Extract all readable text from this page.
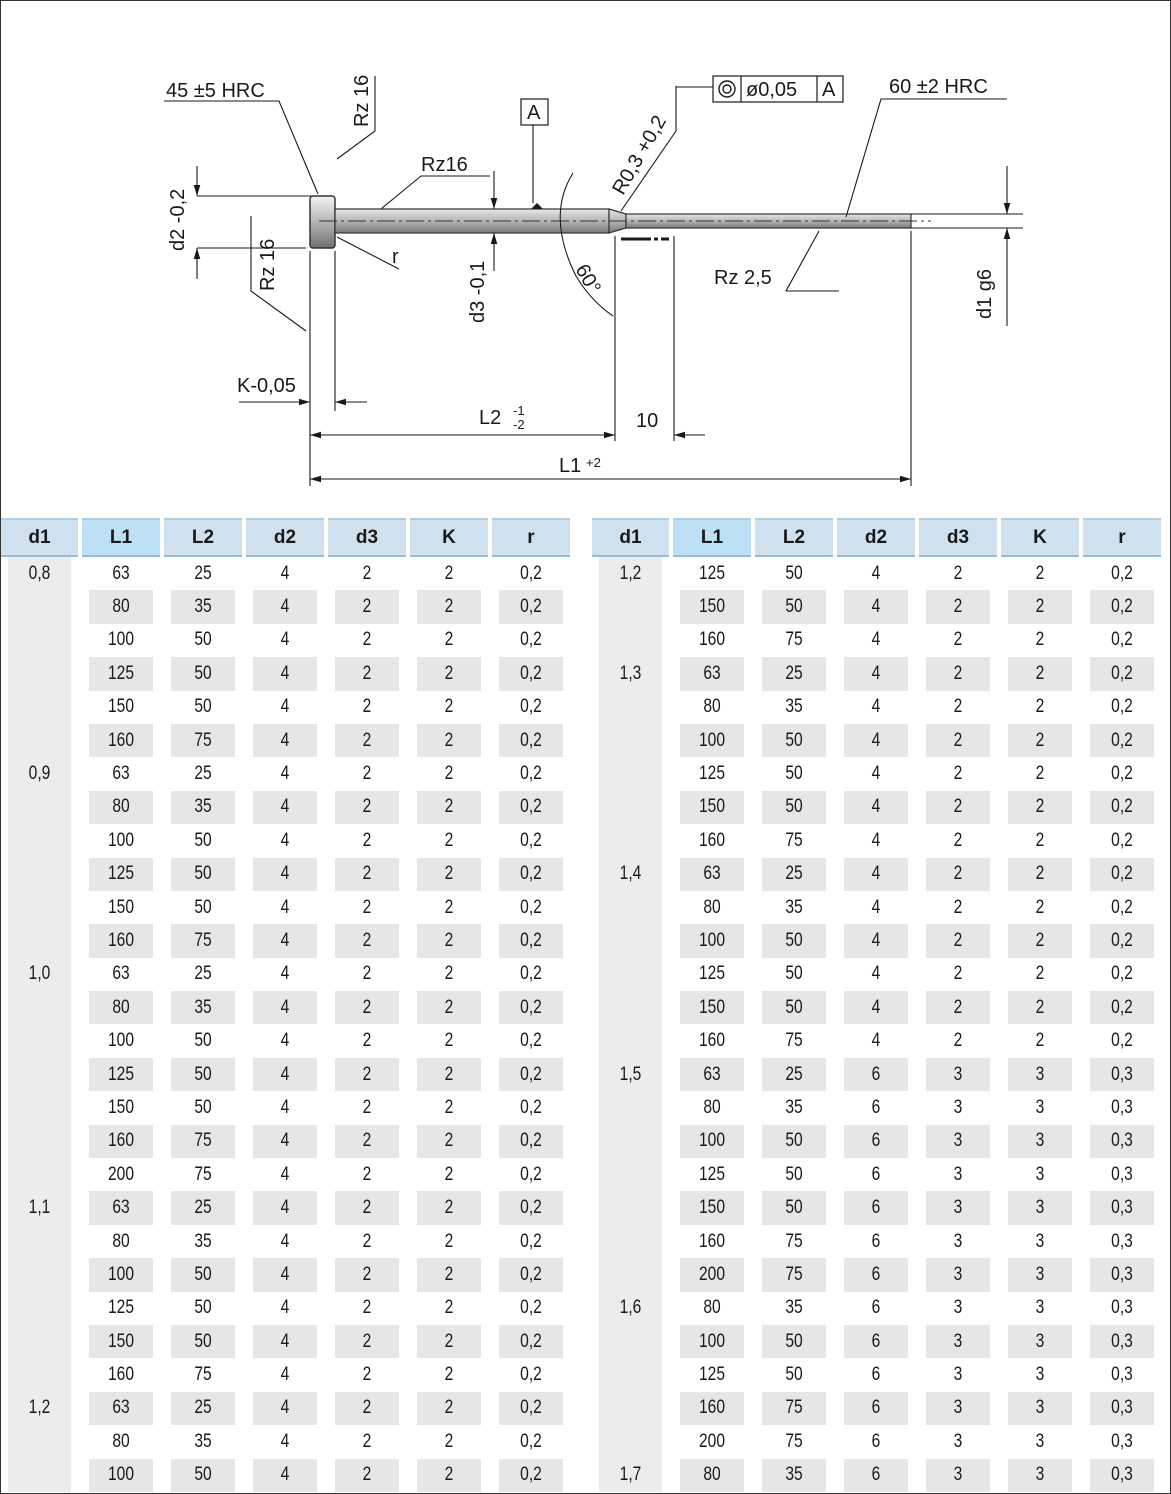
ø0,05 A
A
45 ±5 HRC	60 ±2 HRC
Rz 16
Rz16
Rz 16	Rz 2,5
R0,3 +0,2
60°
d2 -0,2
d3 -0,1	d1 g6
r
K-0,05
L2 -1
-2	10
L1 +2
d1	L1	L2	d2	d3	K	r
0,8	63	25	4	2	2	0,2
	80	35	4	2	2	0,2
	100	50	4	2	2	0,2
	125	50	4	2	2	0,2
	150	50	4	2	2	0,2
	160	75	4	2	2	0,2
0,9	63	25	4	2	2	0,2
	80	35	4	2	2	0,2
	100	50	4	2	2	0,2
	125	50	4	2	2	0,2
	150	50	4	2	2	0,2
	160	75	4	2	2	0,2
1,0	63	25	4	2	2	0,2
	80	35	4	2	2	0,2
	100	50	4	2	2	0,2
	125	50	4	2	2	0,2
	150	50	4	2	2	0,2
	160	75	4	2	2	0,2
	200	75	4	2	2	0,2
1,1	63	25	4	2	2	0,2
	80	35	4	2	2	0,2
	100	50	4	2	2	0,2
	125	50	4	2	2	0,2
	150	50	4	2	2	0,2
	160	75	4	2	2	0,2
1,2	63	25	4	2	2	0,2
	80	35	4	2	2	0,2
	100	50	4	2	2	0,2
d1	L1	L2	d2	d3	K	r
1,2	125	50	4	2	2	0,2
	150	50	4	2	2	0,2
	160	75	4	2	2	0,2
1,3	63	25	4	2	2	0,2
	80	35	4	2	2	0,2
	100	50	4	2	2	0,2
	125	50	4	2	2	0,2
	150	50	4	2	2	0,2
	160	75	4	2	2	0,2
1,4	63	25	4	2	2	0,2
	80	35	4	2	2	0,2
	100	50	4	2	2	0,2
	125	50	4	2	2	0,2
	150	50	4	2	2	0,2
	160	75	4	2	2	0,2
1,5	63	25	6	3	3	0,3
	80	35	6	3	3	0,3
	100	50	6	3	3	0,3
	125	50	6	3	3	0,3
	150	50	6	3	3	0,3
	160	75	6	3	3	0,3
	200	75	6	3	3	0,3
1,6	80	35	6	3	3	0,3
	100	50	6	3	3	0,3
	125	50	6	3	3	0,3
	160	75	6	3	3	0,3
	200	75	6	3	3	0,3
1,7	80	35	6	3	3	0,3
